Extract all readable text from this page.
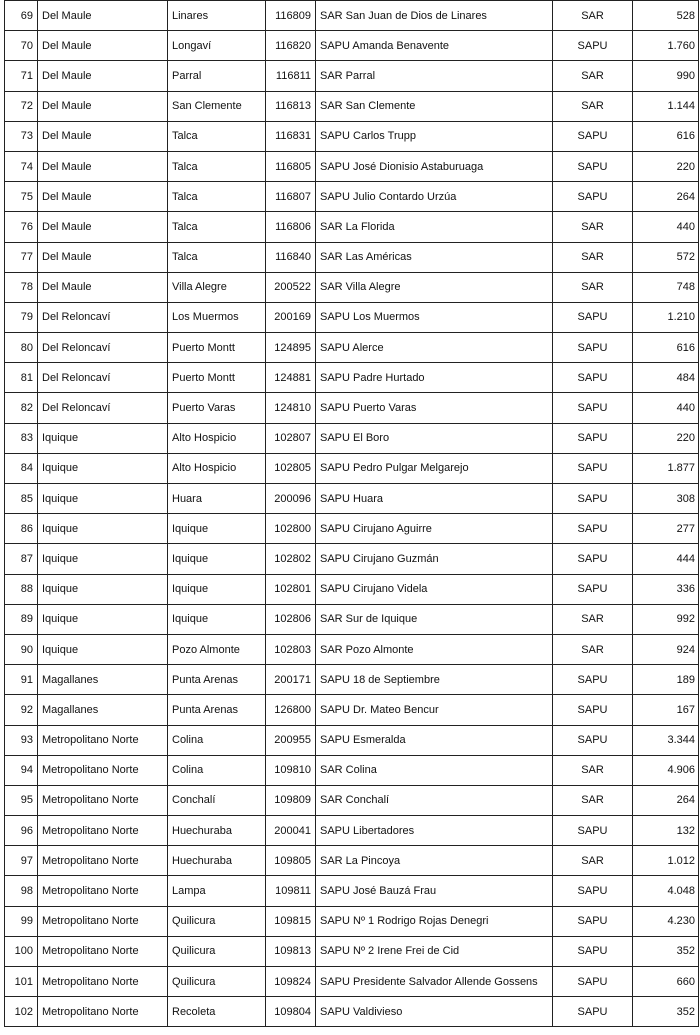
69	Del Maule	Linares	116809	SAR San Juan de Dios de Linares	SAR	528
70	Del Maule	Longaví	116820	SAPU Amanda Benavente	SAPU	1.760
71	Del Maule	Parral	116811	SAR Parral	SAR	990
72	Del Maule	San Clemente	116813	SAR San Clemente	SAR	1.144
73	Del Maule	Talca	116831	SAPU Carlos Trupp	SAPU	616
74	Del Maule	Talca	116805	SAPU José Dionisio Astaburuaga	SAPU	220
75	Del Maule	Talca	116807	SAPU Julio Contardo Urzúa	SAPU	264
76	Del Maule	Talca	116806	SAR La Florida	SAR	440
77	Del Maule	Talca	116840	SAR Las Américas	SAR	572
78	Del Maule	Villa Alegre	200522	SAR Villa Alegre	SAR	748
79	Del Reloncaví	Los Muermos	200169	SAPU Los Muermos	SAPU	1.210
80	Del Reloncaví	Puerto Montt	124895	SAPU Alerce	SAPU	616
81	Del Reloncaví	Puerto Montt	124881	SAPU Padre Hurtado	SAPU	484
82	Del Reloncaví	Puerto Varas	124810	SAPU Puerto Varas	SAPU	440
83	Iquique	Alto Hospicio	102807	SAPU El Boro	SAPU	220
84	Iquique	Alto Hospicio	102805	SAPU Pedro Pulgar Melgarejo	SAPU	1.877
85	Iquique	Huara	200096	SAPU Huara	SAPU	308
86	Iquique	Iquique	102800	SAPU Cirujano Aguirre	SAPU	277
87	Iquique	Iquique	102802	SAPU Cirujano Guzmán	SAPU	444
88	Iquique	Iquique	102801	SAPU Cirujano Videla	SAPU	336
89	Iquique	Iquique	102806	SAR Sur de Iquique	SAR	992
90	Iquique	Pozo Almonte	102803	SAR Pozo Almonte	SAR	924
91	Magallanes	Punta Arenas	200171	SAPU 18 de Septiembre	SAPU	189
92	Magallanes	Punta Arenas	126800	SAPU Dr. Mateo Bencur	SAPU	167
93	Metropolitano Norte	Colina	200955	SAPU Esmeralda	SAPU	3.344
94	Metropolitano Norte	Colina	109810	SAR Colina	SAR	4.906
95	Metropolitano Norte	Conchalí	109809	SAR Conchalí	SAR	264
96	Metropolitano Norte	Huechuraba	200041	SAPU Libertadores	SAPU	132
97	Metropolitano Norte	Huechuraba	109805	SAR La Pincoya	SAR	1.012
98	Metropolitano Norte	Lampa	109811	SAPU José Bauzá Frau	SAPU	4.048
99	Metropolitano Norte	Quilicura	109815	SAPU Nº 1 Rodrigo Rojas Denegri	SAPU	4.230
100	Metropolitano Norte	Quilicura	109813	SAPU Nº 2 Irene Frei de Cid	SAPU	352
101	Metropolitano Norte	Quilicura	109824	SAPU Presidente Salvador Allende Gossens	SAPU	660
102	Metropolitano Norte	Recoleta	109804	SAPU Valdivieso	SAPU	352
